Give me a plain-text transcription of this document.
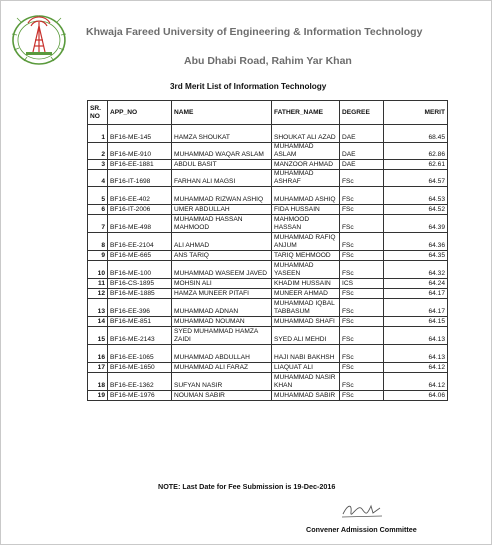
Khwaja Fareed University of Engineering & Information Technology
Abu Dhabi Road, Rahim Yar Khan
3rd Merit List of Information Technology
SR. NO	APP_NO	NAME	FATHER_NAME	DEGREE	MERIT
1	BF16-ME-145	HAMZA SHOUKAT	SHOUKAT ALI AZAD	DAE	68.45
2	BF16-ME-910	MUHAMMAD WAQAR ASLAM	MUHAMMAD ASLAM	DAE	62.86
3	BF16-EE-1881	ABDUL BASIT	MANZOOR AHMAD	DAE	62.61
4	BF16-IT-1698	FARHAN ALI MAGSI	MUHAMMAD ASHRAF	FSc	64.57
5	BF16-EE-402	MUHAMMAD RIZWAN ASHIQ	MUHAMMAD ASHIQ	FSc	64.53
6	BF16-IT-2006	UMER ABDULLAH	FIDA HUSSAIN	FSc	64.52
7	BF16-ME-498	MUHAMMAD HASSAN MAHMOOD	MAHMOOD HASSAN	FSc	64.39
8	BF16-EE-2104	ALI AHMAD	MUHAMMAD RAFIQ ANJUM	FSc	64.36
9	BF16-ME-665	ANS TARIQ	TARIQ MEHMOOD	FSc	64.35
10	BF16-ME-100	MUHAMMAD WASEEM JAVED	MUHAMMAD YASEEN	FSc	64.32
11	BF16-CS-1895	MOHSIN ALI	KHADIM HUSSAIN	ICS	64.24
12	BF16-ME-1885	HAMZA MUNEER PITAFI	MUNEER AHMAD	FSc	64.17
13	BF16-EE-396	MUHAMMAD ADNAN	MUHAMMAD IQBAL TABBASUM	FSc	64.17
14	BF16-ME-851	MUHAMMAD NOUMAN	MUHAMMAD SHAFI	FSc	64.15
15	BF16-ME-2143	SYED MUHAMMAD HAMZA ZAIDI	SYED ALI MEHDI	FSc	64.13
16	BF16-EE-1065	MUHAMMAD ABDULLAH	HAJI NABI BAKHSH	FSc	64.13
17	BF16-ME-1650	MUHAMMAD ALI FARAZ	LIAQUAT ALI	FSc	64.12
18	BF16-EE-1362	SUFYAN NASIR	MUHAMMAD NASIR KHAN	FSc	64.12
19	BF16-ME-1976	NOUMAN SABIR	MUHAMMAD SABIR	FSc	64.06
NOTE: Last Date for Fee Submission is 19-Dec-2016
Convener Admission Committee
